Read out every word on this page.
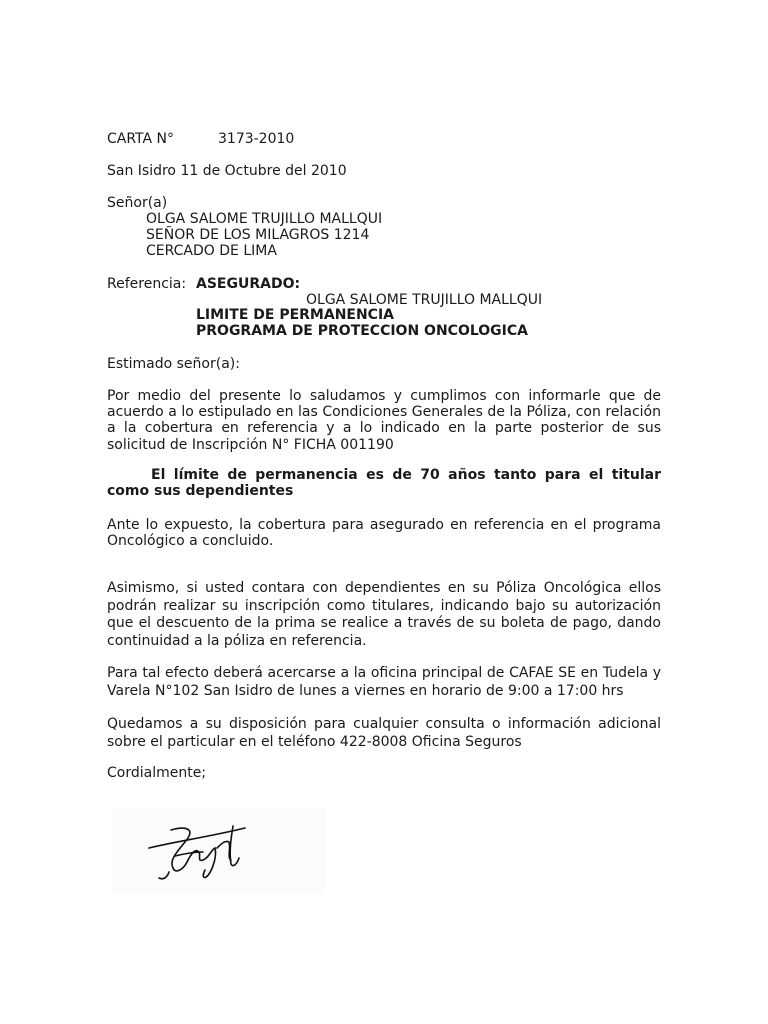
CARTA N°	3173-2010
San Isidro 11 de Octubre del 2010
Señor(a)
OLGA SALOME TRUJILLO MALLQUI
SEÑOR DE LOS MILAGROS 1214
CERCADO DE LIMA
Referencia: ASEGURADO:
OLGA SALOME TRUJILLO MALLQUI
LIMITE DE PERMANENCIA
PROGRAMA DE PROTECCION ONCOLOGICA
Estimado señor(a):
Por medio del presente lo saludamos y cumplimos con informarle que de
acuerdo a lo estipulado en las Condiciones Generales de la Póliza, con relación
a la cobertura en referencia y a lo indicado en la parte posterior de sus
solicitud de Inscripción N° FICHA 001190
El límite de permanencia es de 70 años tanto para el titular
como sus dependientes
Ante lo expuesto, la cobertura para asegurado en referencia en el programa
Oncológico a concluido.
Asimismo, si usted contara con dependientes en su Póliza Oncológica ellos
podrán realizar su inscripción como titulares, indicando bajo su autorización
que el descuento de la prima se realice a través de su boleta de pago, dando
continuidad a la póliza en referencia.
Para tal efecto deberá acercarse a la oficina principal de CAFAE SE en Tudela y
Varela N°102 San Isidro de lunes a viernes en horario de 9:00 a 17:00 hrs
Quedamos a su disposición para cualquier consulta o información adicional
sobre el particular en el teléfono 422-8008 Oficina Seguros
Cordialmente;
